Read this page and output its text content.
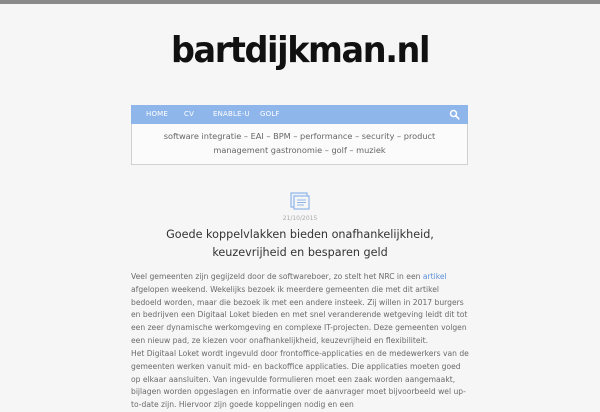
bartdijkman.nl
HOME CV	ENABLE-U GOLF
software integratie – EAI – BPM – performance – security – product management gastronomie – golf – muziek
21/10/2015
Goede koppelvlakken bieden onafhankelijkheid, keuzevrijheid en besparen geld

Veel gemeenten zijn gegijzeld door de softwareboer, zo stelt het NRC in een artikel afgelopen weekend. Wekelijks bezoek ik meerdere gemeenten die met dit artikel bedoeld worden, maar die bezoek ik met een andere insteek. Zij willen in 2017 burgers en bedrijven een Digitaal Loket bieden en met snel veranderende wetgeving leidt dit tot een zeer dynamische werkomgeving en complexe IT-projecten. Deze gemeenten volgen een nieuw pad, ze kiezen voor onafhankelijkheid, keuzevrijheid en flexibiliteit.

Het Digitaal Loket wordt ingevuld door frontoffice-applicaties en de medewerkers van de gemeenten werken vanuit mid- en backoffice applicaties. Die applicaties moeten goed op elkaar aansluiten. Van ingevulde formulieren moet een zaak worden aangemaakt, bijlagen worden opgeslagen en informatie over de aanvrager moet bijvoorbeeld wel up-to-date zijn. Hiervoor zijn goede koppelingen nodig en een
